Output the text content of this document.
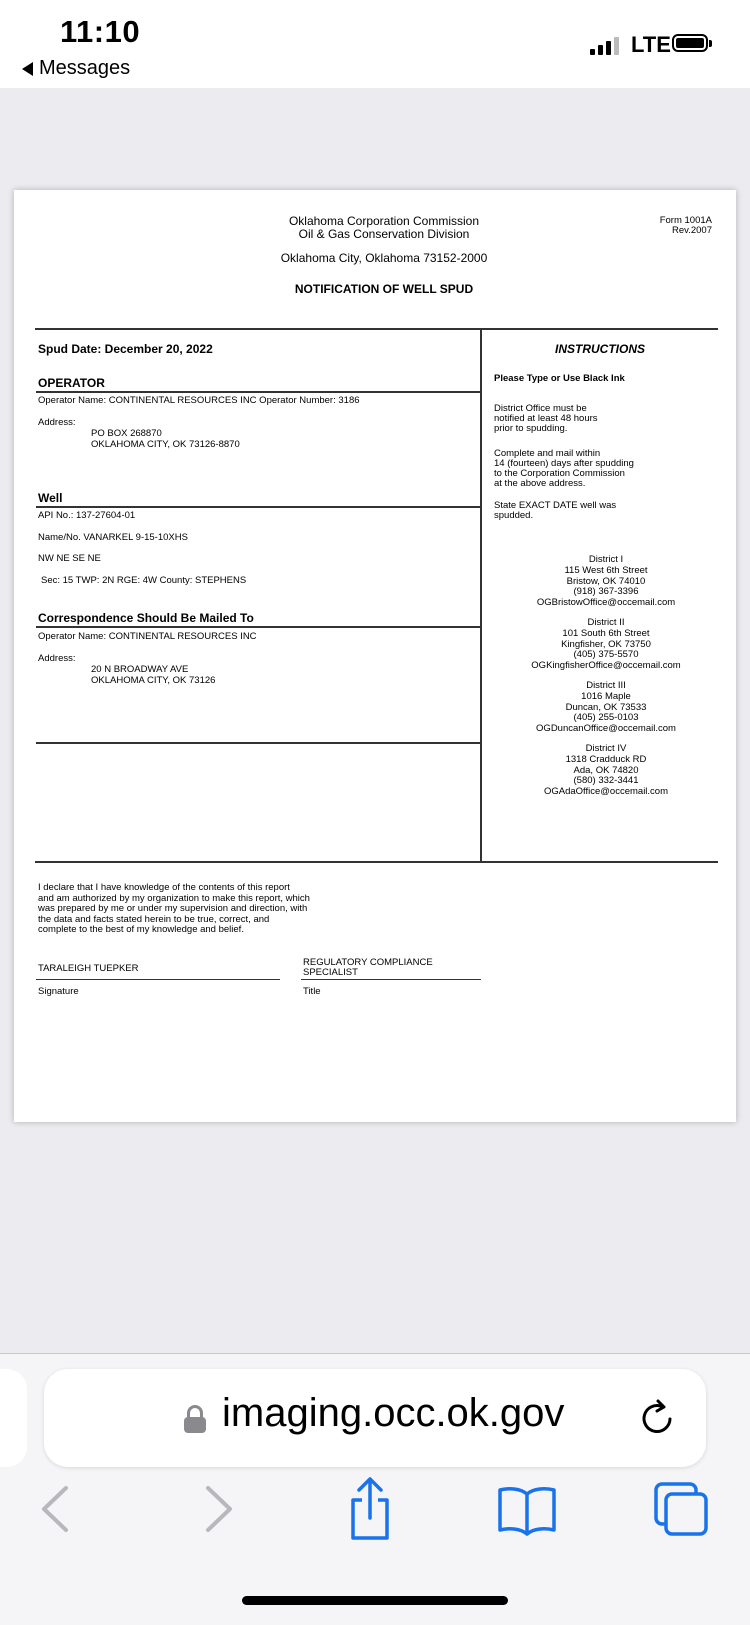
11:10
Messages
LTE
Oklahoma Corporation Commission
Oil & Gas Conservation Division
Oklahoma City, Oklahoma 73152-2000
NOTIFICATION OF WELL SPUD
Form 1001A
Rev.2007
Spud Date: December 20, 2022
OPERATOR
Operator Name: CONTINENTAL RESOURCES INC Operator Number: 3186
Address:
PO BOX 268870
OKLAHOMA CITY, OK 73126-8870
Well
API No.: 137-27604-01
Name/No. VANARKEL 9-15-10XHS
NW NE SE NE
Sec: 15 TWP: 2N RGE: 4W County: STEPHENS
Correspondence Should Be Mailed To
Operator Name: CONTINENTAL RESOURCES INC
Address:
20 N BROADWAY AVE
OKLAHOMA CITY, OK 73126
INSTRUCTIONS
Please Type or Use Black Ink
District Office must be
notified at least 48 hours
prior to spudding.
Complete and mail within
14 (fourteen) days after spudding
to the Corporation Commission
at the above address.
State EXACT DATE well was
spudded.
District I
115 West 6th Street
Bristow, OK 74010
(918) 367-3396
OGBristowOffice@occemail.com
District II
101 South 6th Street
Kingfisher, OK 73750
(405) 375-5570
OGKingfisherOffice@occemail.com
District III
1016 Maple
Duncan, OK 73533
(405) 255-0103
OGDuncanOffice@occemail.com
District IV
1318 Cradduck RD
Ada, OK 74820
(580) 332-3441
OGAdaOffice@occemail.com
I declare that I have knowledge of the contents of this report
and am authorized by my organization to make this report, which
was prepared by me or under my supervision and direction, with
the data and facts stated herein to be true, correct, and
complete to the best of my knowledge and belief.
TARALEIGH TUEPKER
Signature
REGULATORY COMPLIANCE
SPECIALIST
Title
imaging.occ.ok.gov
